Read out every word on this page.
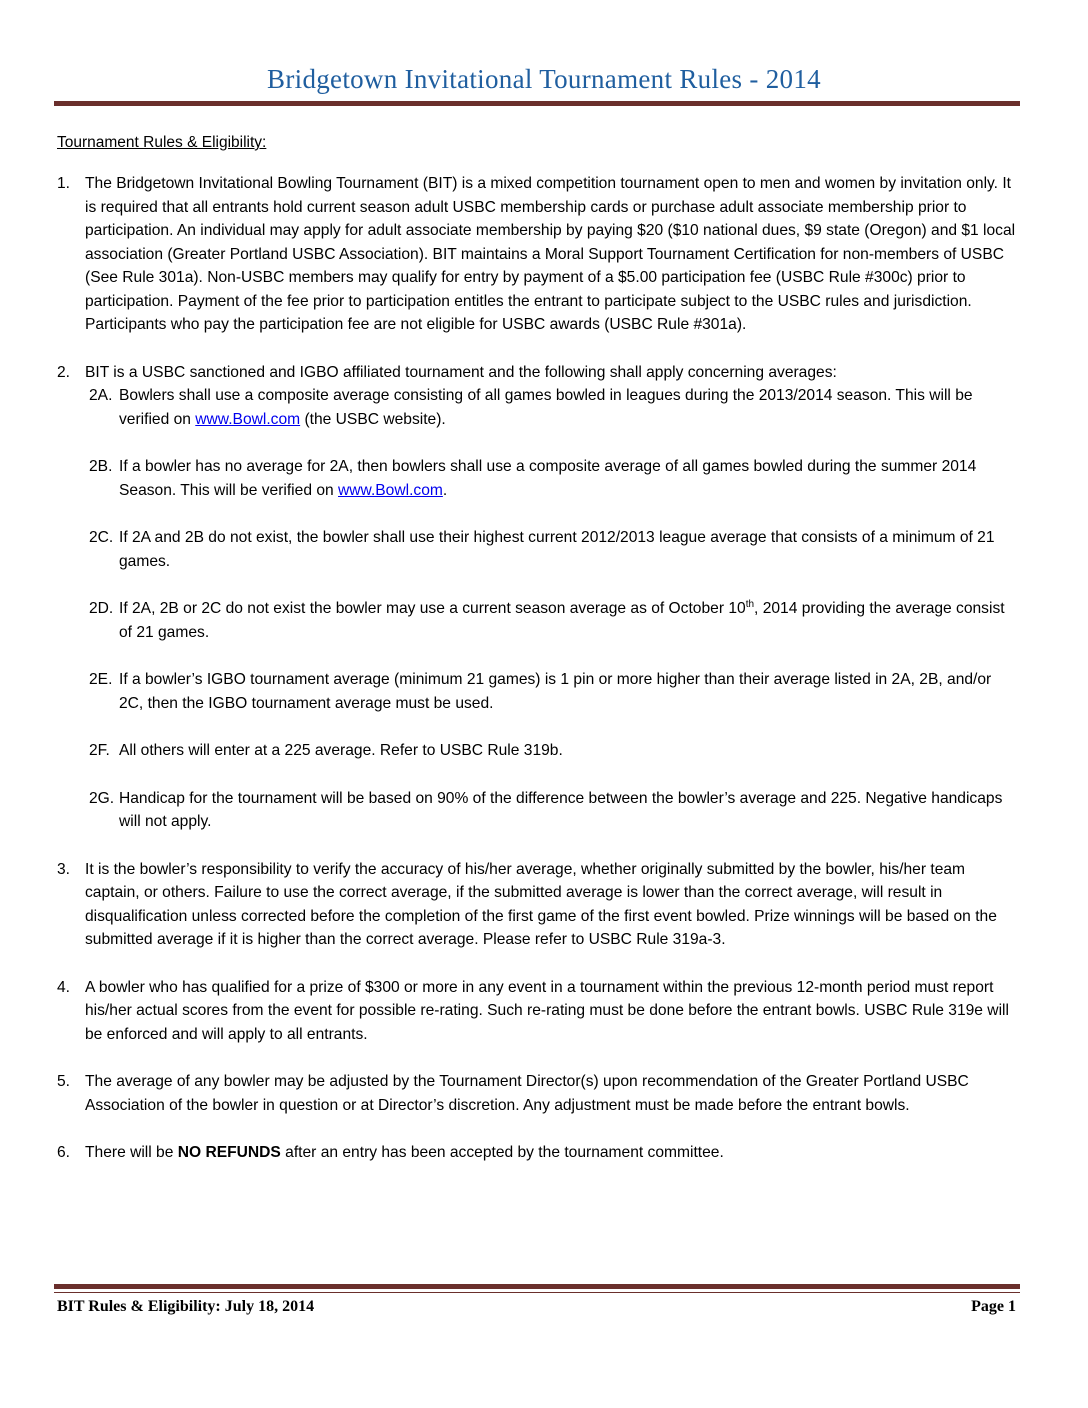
Bridgetown Invitational Tournament Rules - 2014
Tournament Rules & Eligibility:
1. The Bridgetown Invitational Bowling Tournament (BIT) is a mixed competition tournament open to men and women by invitation only. It is required that all entrants hold current season adult USBC membership cards or purchase adult associate membership prior to participation. An individual may apply for adult associate membership by paying $20 ($10 national dues, $9 state (Oregon) and $1 local association (Greater Portland USBC Association). BIT maintains a Moral Support Tournament Certification for non-members of USBC (See Rule 301a). Non-USBC members may qualify for entry by payment of a $5.00 participation fee (USBC Rule #300c) prior to participation. Payment of the fee prior to participation entitles the entrant to participate subject to the USBC rules and jurisdiction. Participants who pay the participation fee are not eligible for USBC awards (USBC Rule #301a).
2. BIT is a USBC sanctioned and IGBO affiliated tournament and the following shall apply concerning averages:
2A. Bowlers shall use a composite average consisting of all games bowled in leagues during the 2013/2014 season. This will be verified on www.Bowl.com (the USBC website).
2B. If a bowler has no average for 2A, then bowlers shall use a composite average of all games bowled during the summer 2014 Season. This will be verified on www.Bowl.com.
2C. If 2A and 2B do not exist, the bowler shall use their highest current 2012/2013 league average that consists of a minimum of 21 games.
2D. If 2A, 2B or 2C do not exist the bowler may use a current season average as of October 10th, 2014 providing the average consist of 21 games.
2E. If a bowler’s IGBO tournament average (minimum 21 games) is 1 pin or more higher than their average listed in 2A, 2B, and/or 2C, then the IGBO tournament average must be used.
2F. All others will enter at a 225 average. Refer to USBC Rule 319b.
2G. Handicap for the tournament will be based on 90% of the difference between the bowler’s average and 225. Negative handicaps will not apply.
3. It is the bowler’s responsibility to verify the accuracy of his/her average, whether originally submitted by the bowler, his/her team captain, or others. Failure to use the correct average, if the submitted average is lower than the correct average, will result in disqualification unless corrected before the completion of the first game of the first event bowled. Prize winnings will be based on the submitted average if it is higher than the correct average. Please refer to USBC Rule 319a-3.
4. A bowler who has qualified for a prize of $300 or more in any event in a tournament within the previous 12-month period must report his/her actual scores from the event for possible re-rating. Such re-rating must be done before the entrant bowls. USBC Rule 319e will be enforced and will apply to all entrants.
5. The average of any bowler may be adjusted by the Tournament Director(s) upon recommendation of the Greater Portland USBC Association of the bowler in question or at Director’s discretion. Any adjustment must be made before the entrant bowls.
6. There will be NO REFUNDS after an entry has been accepted by the tournament committee.
BIT Rules & Eligibility: July 18, 2014	Page 1
